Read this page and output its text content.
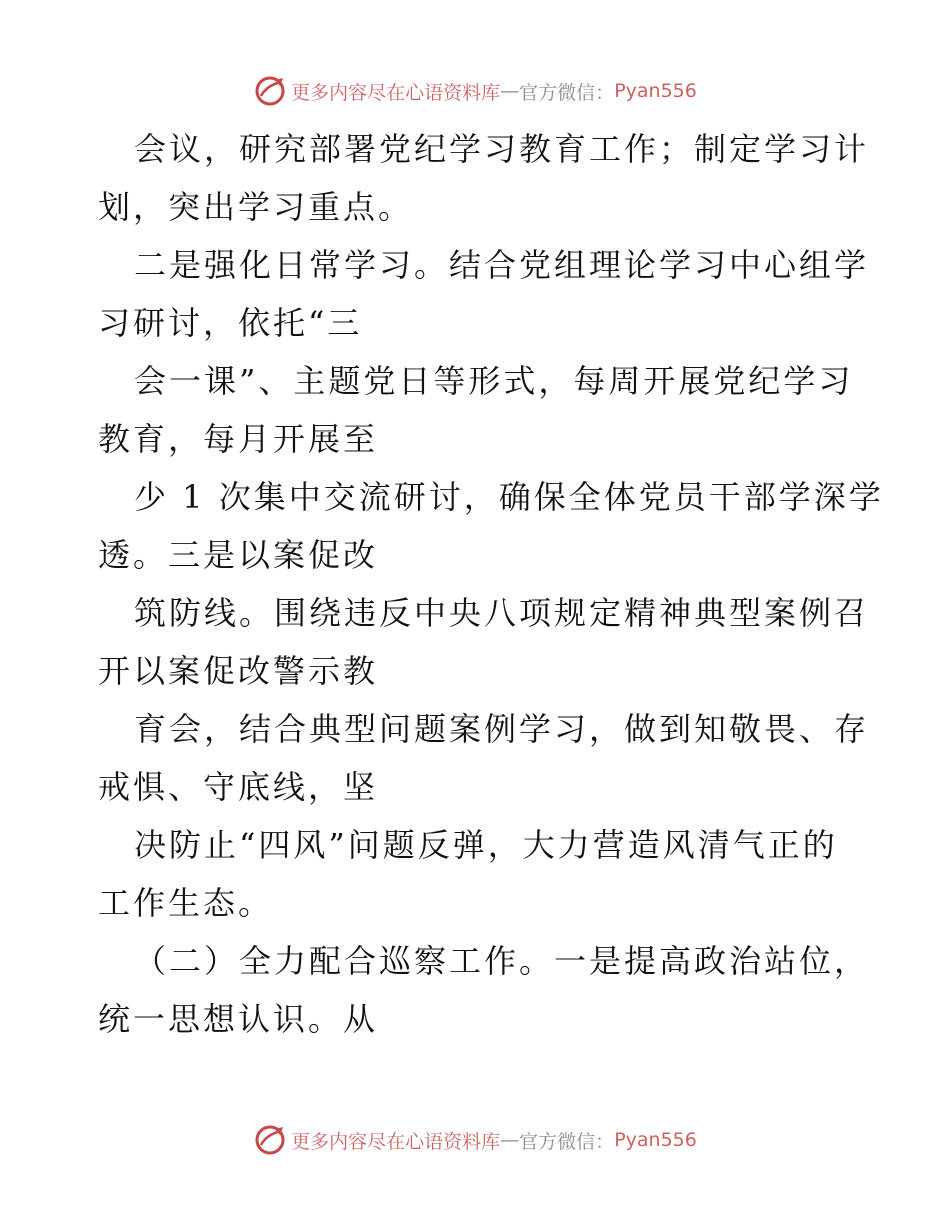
更多内容尽在心语资料库 — 官方微信： Pyan556
会议，研究部署党纪学习教育工作；制定学习计
划，突出学习重点。
二是强化日常学习。结合党组理论学习中心组学
习研讨，依托“三
会一课”、主题党日等形式，每周开展党纪学习
教育，每月开展至
少 1 次集中交流研讨，确保全体党员干部学深学
透。三是以案促改
筑防线。围绕违反中央八项规定精神典型案例召
开以案促改警示教
育会，结合典型问题案例学习，做到知敬畏、存
戒惧、守底线，坚
决防止“四风”问题反弹，大力营造风清气正的
工作生态。
（二）全力配合巡察工作。一是提高政治站位，
统一思想认识。从
更多内容尽在心语资料库 — 官方微信： Pyan556
